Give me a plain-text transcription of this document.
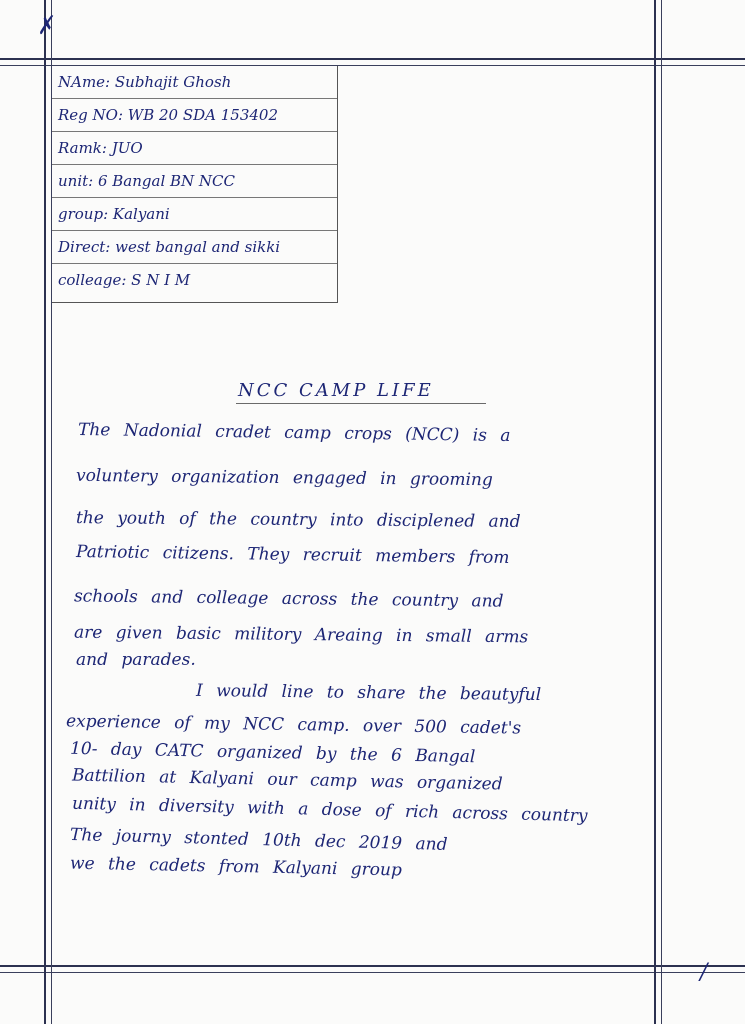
✗
NAme: Subhajit Ghosh
Reg NO: WB 20 SDA 153402
Ramk: JUO
unit: 6 Bangal BN NCC
group: Kalyani
Direct: west bangal and sikki
colleage: S N I M
NCC CAMP LIFE
The Nadonial cradet camp crops (NCC) is a
voluntery organization engaged in grooming
the youth of the country into disciplened and
Patriotic citizens. They recruit members from
schools and colleage across the country and
are given basic militory Areaing in small arms
and parades.
I would line to share the beautyful
experience of my NCC camp. over 500 cadet's
10- day CATC organized by the 6 Bangal
Battilion at Kalyani our camp was organized
unity in diversity with a dose of rich across country
The journy stonted 10th dec 2019 and
we the cadets from Kalyani group
/
